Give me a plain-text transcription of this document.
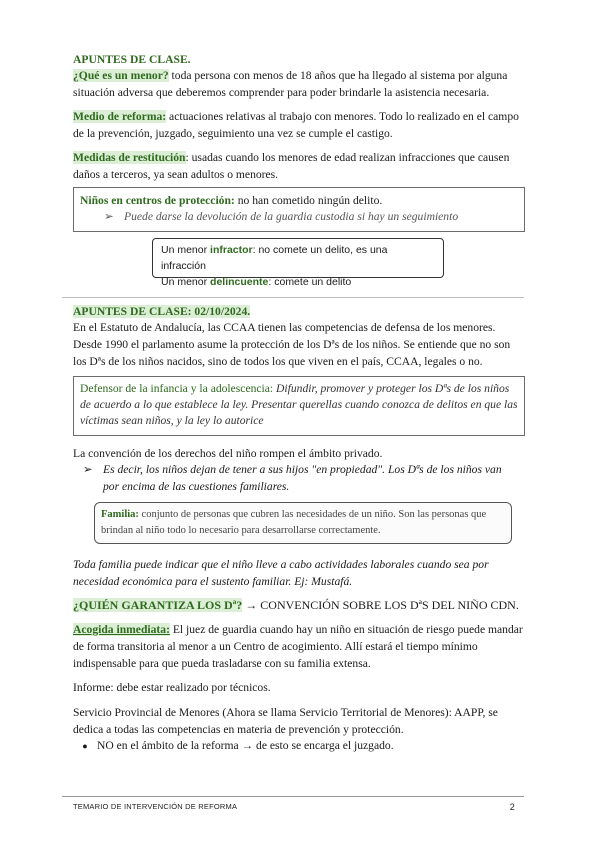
APUNTES DE CLASE.
¿Qué es un menor? toda persona con menos de 18 años que ha llegado al sistema por alguna situación adversa que deberemos comprender para poder brindarle la asistencia necesaria.
Medio de reforma: actuaciones relativas al trabajo con menores. Todo lo realizado en el campo de la prevención, juzgado, seguimiento una vez se cumple el castigo.
Medidas de restitución: usadas cuando los menores de edad realizan infracciones que causen daños a terceros, ya sean adultos o menores.
Niños en centros de protección: no han cometido ningún delito.
➢ Puede darse la devolución de la guardia custodia si hay un seguimiento
Un menor infractor: no comete un delito, es una infracción
Un menor delincuente: comete un delito
APUNTES DE CLASE: 02/10/2024.
En el Estatuto de Andalucía, las CCAA tienen las competencias de defensa de los menores. Desde 1990 el parlamento asume la protección de los Dªs de los niños. Se entiende que no son los Dªs de los niños nacidos, sino de todos los que viven en el país, CCAA, legales o no.
Defensor de la infancia y la adolescencia: Difundir, promover y proteger los Dªs de los niños de acuerdo a lo que establece la ley. Presentar querellas cuando conozca de delitos en que las víctimas sean niños, y la ley lo autorice
La convención de los derechos del niño rompen el ámbito privado.
➢ Es decir, los niños dejan de tener a sus hijos "en propiedad". Los Dªs de los niños van por encima de las cuestiones familiares.
Familia: conjunto de personas que cubren las necesidades de un niño. Son las personas que brindan al niño todo lo necesario para desarrollarse correctamente.
Toda familia puede indicar que el niño lleve a cabo actividades laborales cuando sea por necesidad económica para el sustento familiar. Ej: Mustafá.
¿QUIÉN GARANTIZA LOS Dª? → CONVENCIÓN SOBRE LOS DªS DEL NIÑO CDN.
Acogida inmediata: El juez de guardia cuando hay un niño en situación de riesgo puede mandar de forma transitoria al menor a un Centro de acogimiento. Allí estará el tiempo mínimo indispensable para que pueda trasladarse con su familia extensa.
Informe: debe estar realizado por técnicos.
Servicio Provincial de Menores (Ahora se llama Servicio Territorial de Menores): AAPP, se dedica a todas las competencias en materia de prevención y protección.
● NO en el ámbito de la reforma → de esto se encarga el juzgado.
TEMARIO DE INTERVENCIÓN DE REFORMA	2
